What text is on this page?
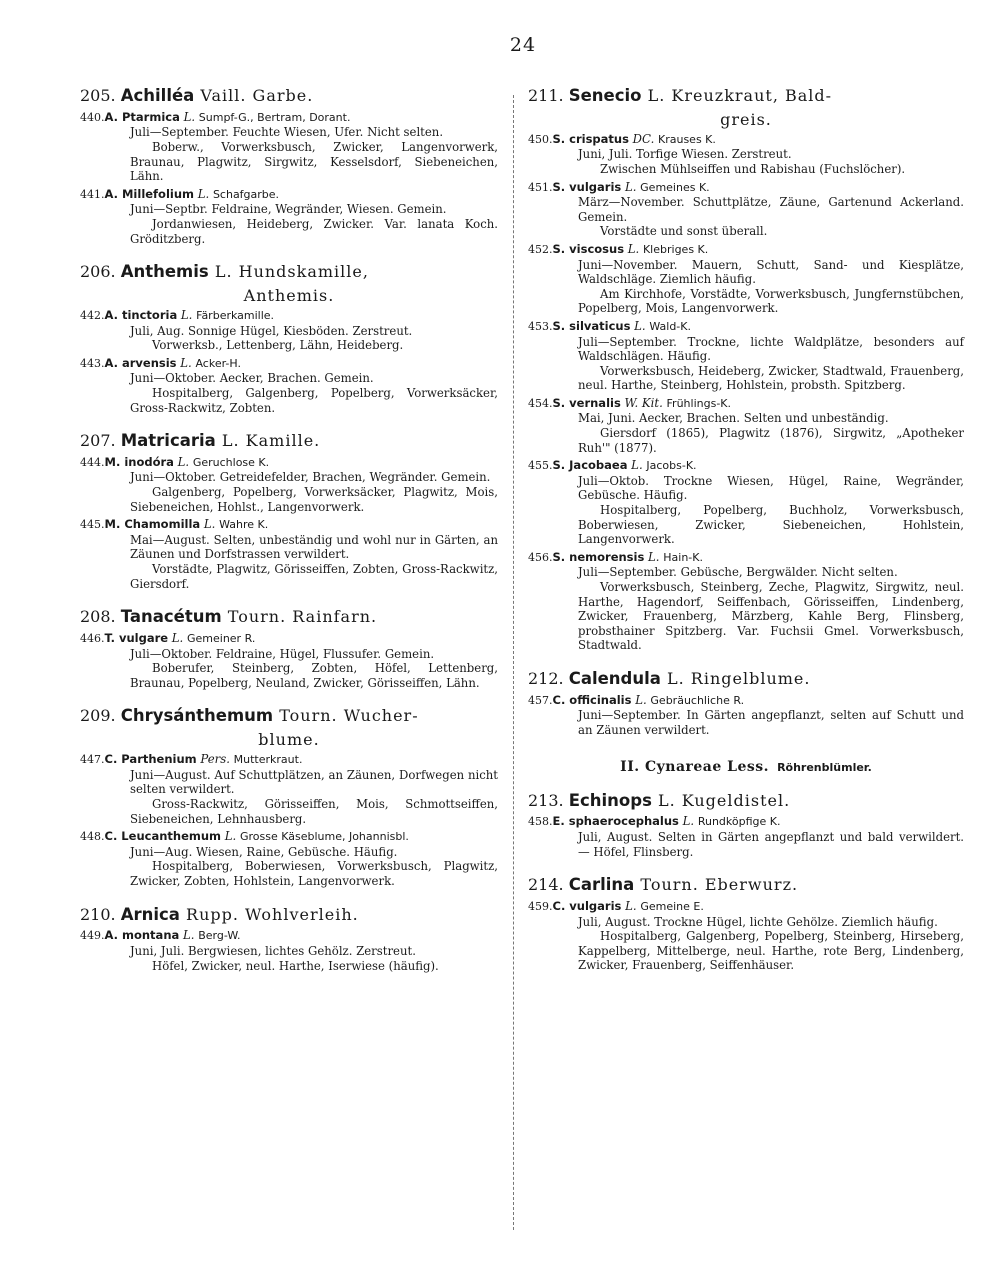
24
205. Achilléa Vaill. Garbe.

440.A. Ptarmica L. Sumpf-G., Bertram, Dorant.

Juli—September. Feuchte Wiesen, Ufer. Nicht selten.

Boberw., Vorwerksbusch, Zwicker, Langenvorwerk, Braunau, Plagwitz, Sirgwitz, Kesselsdorf, Siebeneichen, Lähn.

441.A. Millefolium L. Schafgarbe.

Juni—Septbr. Feldraine, Wegränder, Wiesen. Gemein.

Jordanwiesen, Heideberg, Zwicker. Var. lanata Koch. Gröditzberg.

206. Anthemis L. Hundskamille,
Anthemis.

442.A. tinctoria L. Färberkamille.

Juli, Aug. Sonnige Hügel, Kiesböden. Zerstreut.

Vorwerksb., Lettenberg, Lähn, Heideberg.

443.A. arvensis L. Acker-H.

Juni—Oktober. Aecker, Brachen. Gemein.

Hospitalberg, Galgenberg, Popelberg, Vorwerksäcker, Gross-Rackwitz, Zobten.

207. Matricaria L. Kamille.

444.M. inodóra L. Geruchlose K.

Juni—Oktober. Getreidefelder, Brachen, Wegränder. Gemein.

Galgenberg, Popelberg, Vorwerksäcker, Plagwitz, Mois, Siebeneichen, Hohlst., Langenvorwerk.

445.M. Chamomilla L. Wahre K.

Mai—August. Selten, unbeständig und wohl nur in Gärten, an Zäunen und Dorfstrassen verwildert.

Vorstädte, Plagwitz, Görisseiffen, Zobten, Gross-Rackwitz, Giersdorf.

208. Tanacétum Tourn. Rainfarn.

446.T. vulgare L. Gemeiner R.

Juli—Oktober. Feldraine, Hügel, Flussufer. Gemein.

Boberufer, Steinberg, Zobten, Höfel, Lettenberg, Braunau, Popelberg, Neuland, Zwicker, Görisseiffen, Lähn.

209. Chrysánthemum Tourn. Wucher-
blume.

447.C. Parthenium Pers. Mutterkraut.

Juni—August. Auf Schuttplätzen, an Zäunen, Dorfwegen nicht selten verwildert.

Gross-Rackwitz, Görisseiffen, Mois, Schmottseiffen, Siebeneichen, Lehnhausberg.

448.C. Leucanthemum L. Grosse Käseblume, Johannisbl.

Juni—Aug. Wiesen, Raine, Gebüsche. Häufig.

Hospitalberg, Boberwiesen, Vorwerksbusch, Plagwitz, Zwicker, Zobten, Hohlstein, Langenvorwerk.

210. Arnica Rupp. Wohlverleih.

449.A. montana L. Berg-W.

Juni, Juli. Bergwiesen, lichtes Gehölz. Zerstreut.

Höfel, Zwicker, neul. Harthe, Iserwiese (häufig).

211. Senecio L. Kreuzkraut, Bald-
greis.

450.S. crispatus DC. Krauses K.

Juni, Juli. Torfige Wiesen. Zerstreut.

Zwischen Mühlseiffen und Rabishau (Fuchslöcher).

451.S. vulgaris L. Gemeines K.

März—November. Schuttplätze, Zäune, Gartenund Ackerland. Gemein.

Vorstädte und sonst überall.

452.S. viscosus L. Klebriges K.

Juni—November. Mauern, Schutt, Sand- und Kiesplätze, Waldschläge. Ziemlich häufig.

Am Kirchhofe, Vorstädte, Vorwerksbusch, Jungfernstübchen, Popelberg, Mois, Langenvorwerk.

453.S. silvaticus L. Wald-K.

Juli—September. Trockne, lichte Waldplätze, besonders auf Waldschlägen. Häufig.

Vorwerksbusch, Heideberg, Zwicker, Stadtwald, Frauenberg, neul. Harthe, Steinberg, Hohlstein, probsth. Spitzberg.

454.S. vernalis W. Kit. Frühlings-K.

Mai, Juni. Aecker, Brachen. Selten und unbeständig.

Giersdorf (1865), Plagwitz (1876), Sirgwitz, „Apotheker Ruh'" (1877).

455.S. Jacobaea L. Jacobs-K.

Juli—Oktob. Trockne Wiesen, Hügel, Raine, Wegränder, Gebüsche. Häufig.

Hospitalberg, Popelberg, Buchholz, Vorwerksbusch, Boberwiesen, Zwicker, Siebeneichen, Hohlstein, Langenvorwerk.

456.S. nemorensis L. Hain-K.

Juli—September. Gebüsche, Bergwälder. Nicht selten.

Vorwerksbusch, Steinberg, Zeche, Plagwitz, Sirgwitz, neul. Harthe, Hagendorf, Seiffenbach, Görisseiffen, Lindenberg, Zwicker, Frauenberg, Märzberg, Kahle Berg, Flinsberg, probsthainer Spitzberg. Var. Fuchsii Gmel. Vorwerksbusch, Stadtwald.

212. Calendula L. Ringelblume.

457.C. officinalis L. Gebräuchliche R.

Juni—September. In Gärten angepflanzt, selten auf Schutt und an Zäunen verwildert.

II. Cynareae Less. Röhrenblümler.
213. Echinops L. Kugeldistel.

458.E. sphaerocephalus L. Rundköpfige K.

Juli, August. Selten in Gärten angepflanzt und bald verwildert. — Höfel, Flinsberg.

214. Carlina Tourn. Eberwurz.

459.C. vulgaris L. Gemeine E.

Juli, August. Trockne Hügel, lichte Gehölze. Ziemlich häufig.

Hospitalberg, Galgenberg, Popelberg, Steinberg, Hirseberg, Kappelberg, Mittelberge, neul. Harthe, rote Berg, Lindenberg, Zwicker, Frauenberg, Seiffenhäuser.
